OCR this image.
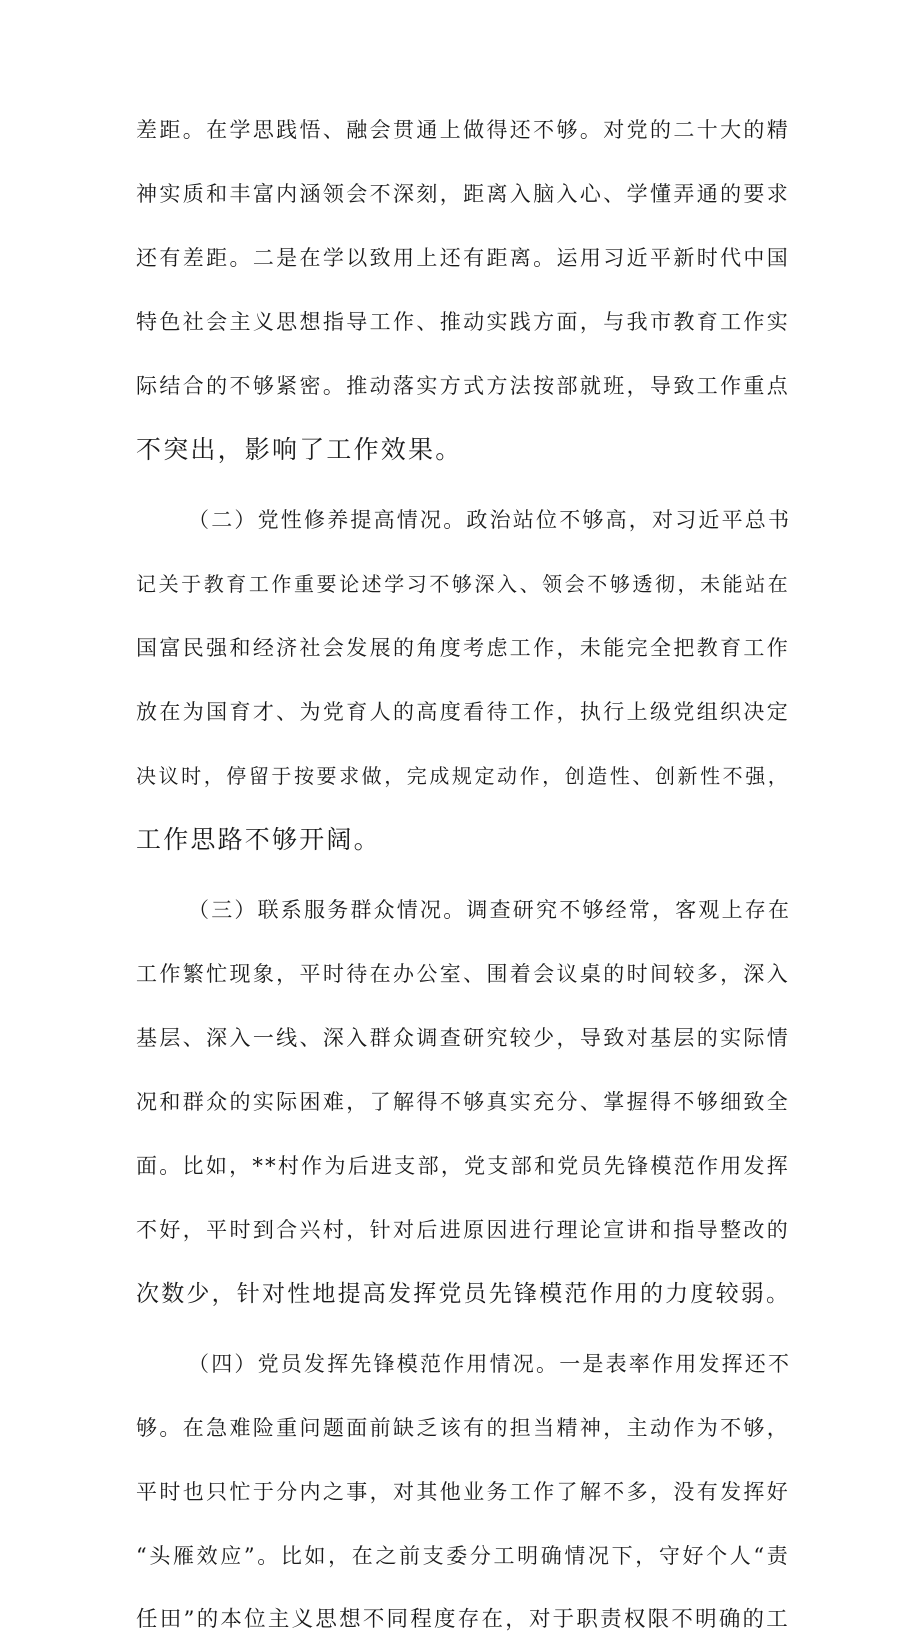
差距。在学思践悟、融会贯通上做得还不够。对党的二十大的精
神实质和丰富内涵领会不深刻，距离入脑入心、学懂弄通的要求
还有差距。二是在学以致用上还有距离。运用习近平新时代中国
特色社会主义思想指导工作、推动实践方面，与我市教育工作实
际结合的不够紧密。推动落实方式方法按部就班，导致工作重点
不突出，影响了工作效果。
（二）党性修养提高情况。政治站位不够高，对习近平总书
记关于教育工作重要论述学习不够深入、领会不够透彻，未能站在
国富民强和经济社会发展的角度考虑工作，未能完全把教育工作
放在为国育才、为党育人的高度看待工作，执行上级党组织决定
决议时，停留于按要求做，完成规定动作，创造性、创新性不强，
工作思路不够开阔。
（三）联系服务群众情况。调查研究不够经常，客观上存在
工作繁忙现象，平时待在办公室、围着会议桌的时间较多，深入
基层、深入一线、深入群众调查研究较少，导致对基层的实际情
况和群众的实际困难，了解得不够真实充分、掌握得不够细致全
面。比如，**村作为后进支部，党支部和党员先锋模范作用发挥
不好，平时到合兴村，针对后进原因进行理论宣讲和指导整改的
次数少，针对性地提高发挥党员先锋模范作用的力度较弱。
（四）党员发挥先锋模范作用情况。一是表率作用发挥还不
够。在急难险重问题面前缺乏该有的担当精神，主动作为不够，
平时也只忙于分内之事，对其他业务工作了解不多，没有发挥好
“头雁效应”。比如，在之前支委分工明确情况下，守好个人“责
任田”的本位主义思想不同程度存在，对于职责权限不明确的工
